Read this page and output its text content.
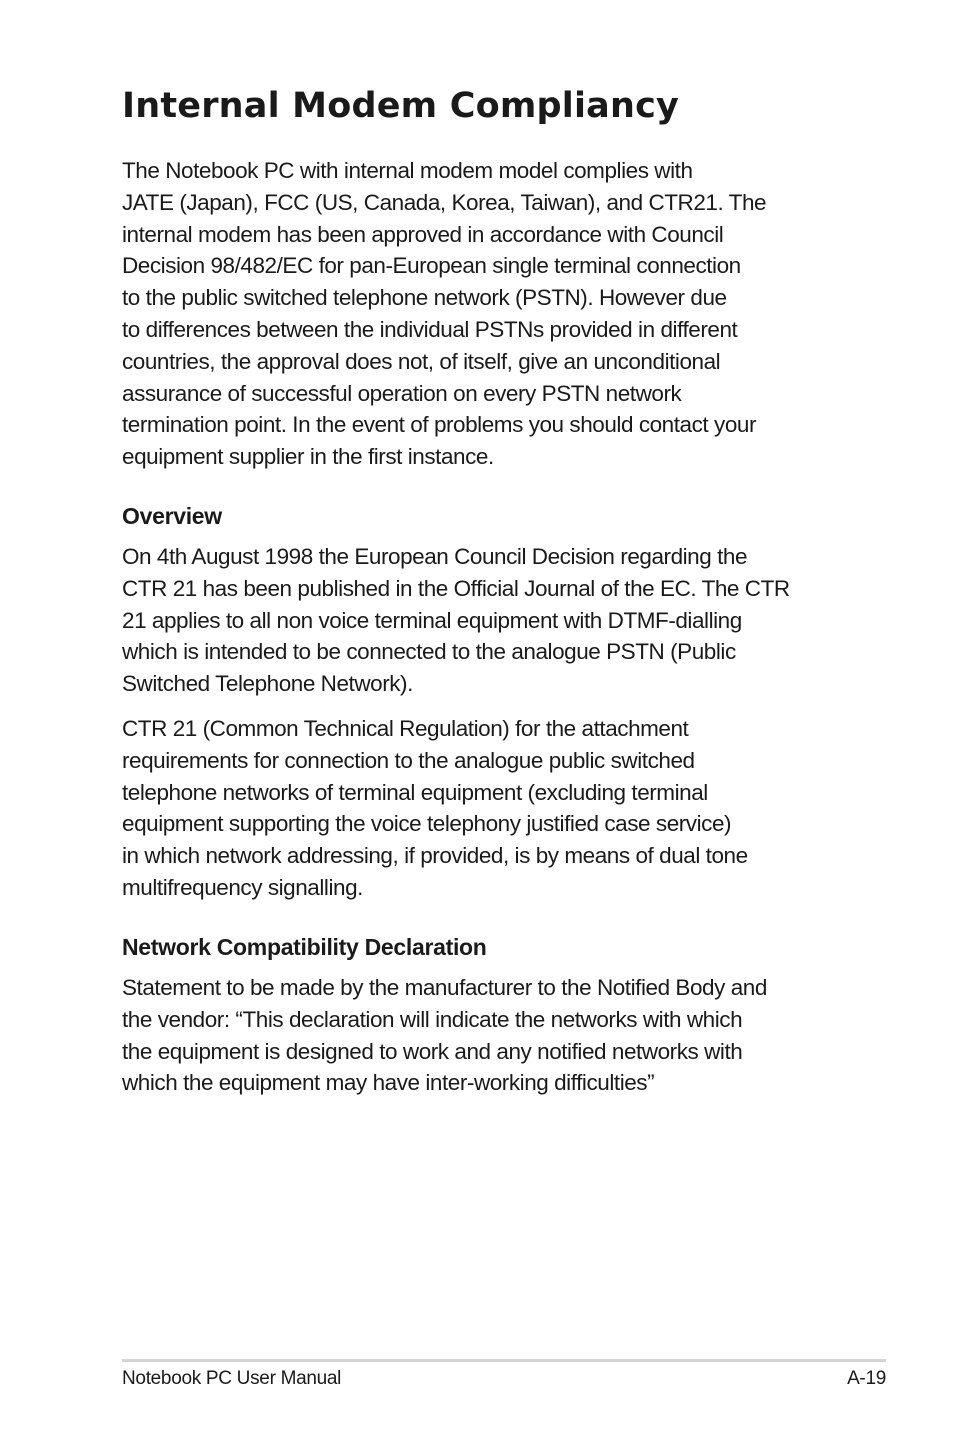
Internal Modem Compliancy

The Notebook PC with internal modem model complies with
JATE (Japan), FCC (US, Canada, Korea, Taiwan), and CTR21. The
internal modem has been approved in accordance with Council
Decision 98/482/EC for pan-European single terminal connection
to the public switched telephone network (PSTN). However due
to differences between the individual PSTNs provided in different
countries, the approval does not, of itself, give an unconditional
assurance of successful operation on every PSTN network
termination point. In the event of problems you should contact your
equipment supplier in the first instance.

Overview

On 4th August 1998 the European Council Decision regarding the
CTR 21 has been published in the Official Journal of the EC. The CTR
21 applies to all non voice terminal equipment with DTMF-dialling
which is intended to be connected to the analogue PSTN (Public
Switched Telephone Network).

CTR 21 (Common Technical Regulation) for the attachment
requirements for connection to the analogue public switched
telephone networks of terminal equipment (excluding terminal
equipment supporting the voice telephony justified case service)
in which network addressing, if provided, is by means of dual tone
multifrequency signalling.

Network Compatibility Declaration

Statement to be made by the manufacturer to the Notified Body and
the vendor: “This declaration will indicate the networks with which
the equipment is designed to work and any notified networks with
which the equipment may have inter-working difficulties”

Notebook PC User Manual	A-19
